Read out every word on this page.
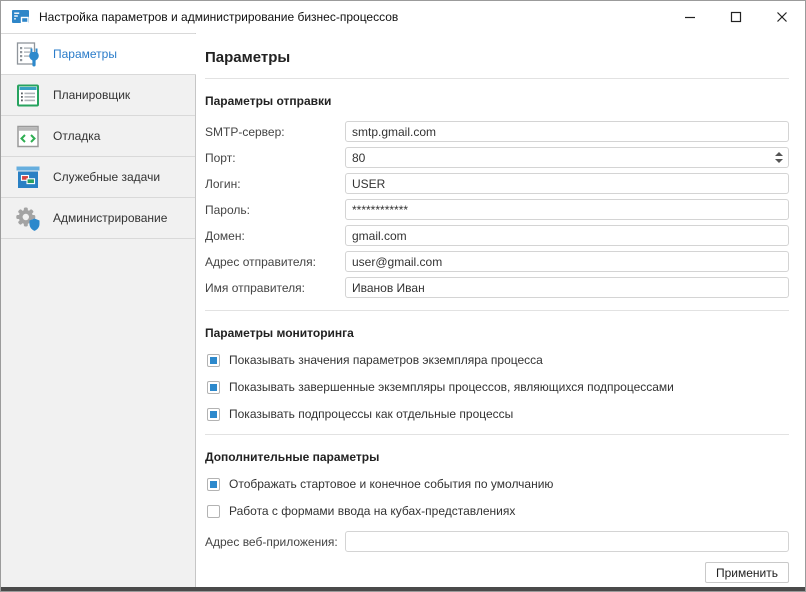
Настройка параметров и администрирование бизнес-процессов
Параметры
Планировщик
Отладка
Служебные задачи
Администрирование
Параметры
Параметры отправки
SMTP-сервер:
smtp.gmail.com
Порт:
80
Логин:
USER
Пароль:
************
Домен:
gmail.com
Адрес отправителя:
user@gmail.com
Имя отправителя:
Иванов Иван
Параметры мониторинга
Показывать значения параметров экземпляра процесса
Показывать завершенные экземпляры процессов, являющихся подпроцессами
Показывать подпроцессы как отдельные процессы
Дополнительные параметры
Отображать стартовое и конечное события по умолчанию
Работа с формами ввода на кубах-представлениях
Адрес веб-приложения:
Применить
